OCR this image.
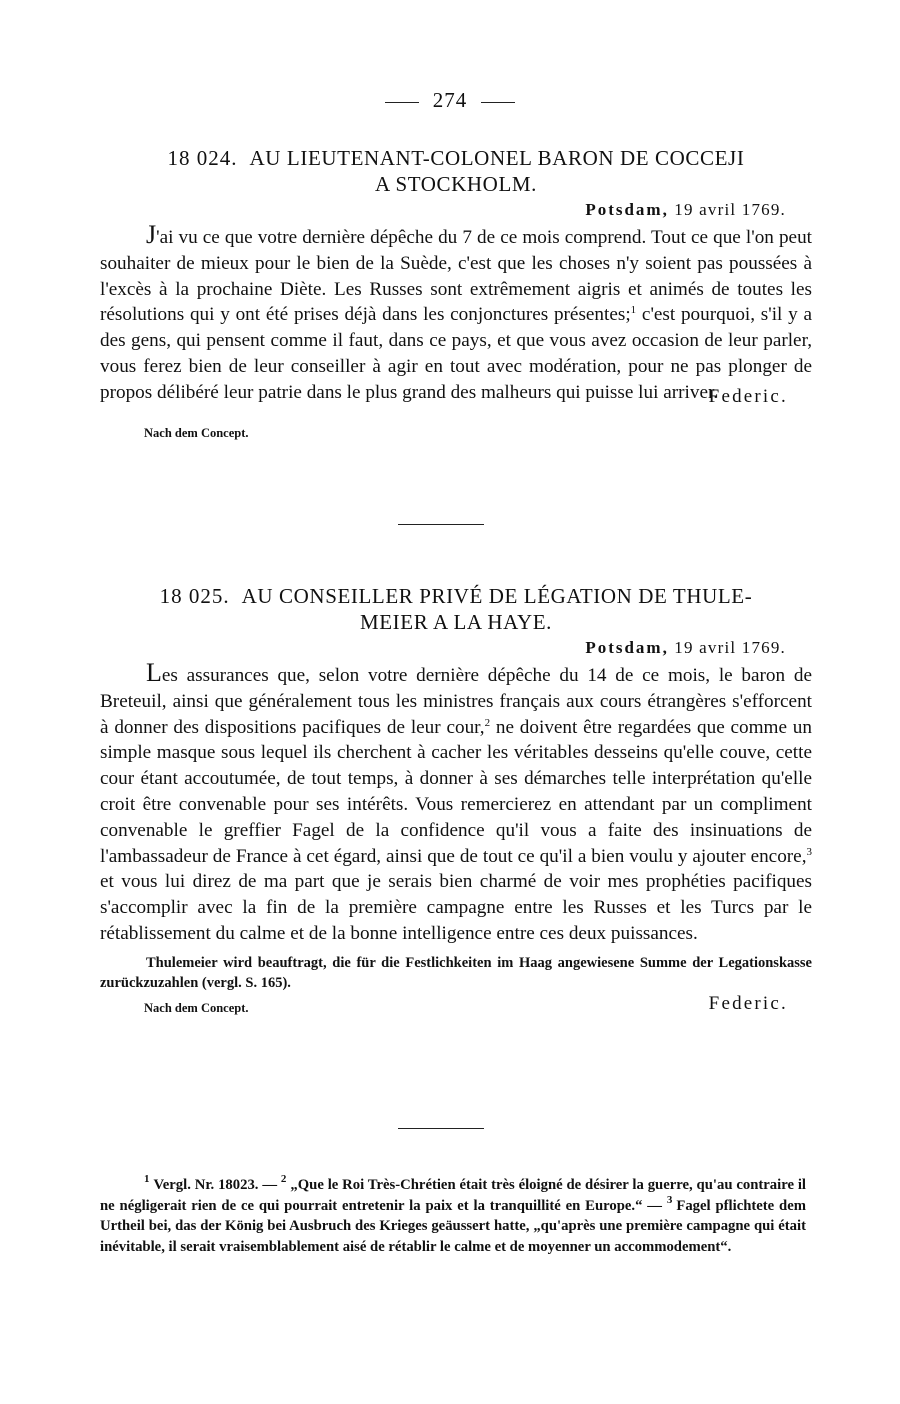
274
18 024. AU LIEUTENANT-COLONEL BARON DE COCCEJI
A STOCKHOLM.
Potsdam, 19 avril 1769.

J'ai vu ce que votre dernière dépêche du 7 de ce mois comprend. Tout ce que l'on peut souhaiter de mieux pour le bien de la Suède, c'est que les choses n'y soient pas poussées à l'excès à la prochaine Diète. Les Russes sont extrêmement aigris et animés de toutes les résolutions qui y ont été prises déjà dans les conjonctures présentes;$^1$ c'est pourquoi, s'il y a des gens, qui pensent comme il faut, dans ce pays, et que vous avez occasion de leur parler, vous ferez bien de leur conseiller à agir en tout avec modération, pour ne pas plonger de propos délibéré leur patrie dans le plus grand des malheurs qui puisse lui arriver.

Federic.
Nach dem Concept.
18 025. AU CONSEILLER PRIVÉ DE LÉGATION DE THULE-
MEIER A LA HAYE.
Potsdam, 19 avril 1769.

Les assurances que, selon votre dernière dépêche du 14 de ce mois, le baron de Breteuil, ainsi que généralement tous les ministres français aux cours étrangères s'efforcent à donner des dispositions pacifiques de leur cour,$^2$ ne doivent être regardées que comme un simple masque sous lequel ils cherchent à cacher les véritables desseins qu'elle couve, cette cour étant accoutumée, de tout temps, à donner à ses démarches telle interprétation qu'elle croit être convenable pour ses intérêts. Vous remercierez en attendant par un compliment convenable le greffier Fagel de la confidence qu'il vous a faite des insinuations de l'ambassadeur de France à cet égard, ainsi que de tout ce qu'il a bien voulu y ajouter encore,$^3$ et vous lui direz de ma part que je serais bien charmé de voir mes prophéties pacifiques s'accomplir avec la fin de la première campagne entre les Russes et les Turcs par le rétablissement du calme et de la bonne intelligence entre ces deux puissances.

Thulemeier wird beauftragt, die für die Festlichkeiten im Haag angewiesene Summe der Legationskasse zurückzuzahlen (vergl. S. 165).
Nach dem Concept.	Federic.

$^1$ Vergl. Nr. 18023. — $^2$ „Que le Roi Très-Chrétien était très éloigné de désirer la guerre, qu'au contraire il ne négligerait rien de ce qui pourrait entretenir la paix et la tranquillité en Europe.“ — $^3$ Fagel pflichtete dem Urtheil bei, das der König bei Ausbruch des Krieges geäussert hatte, „qu'après une première campagne qui était inévitable, il serait vraisemblablement aisé de rétablir le calme et de moyenner un accommodement“.
